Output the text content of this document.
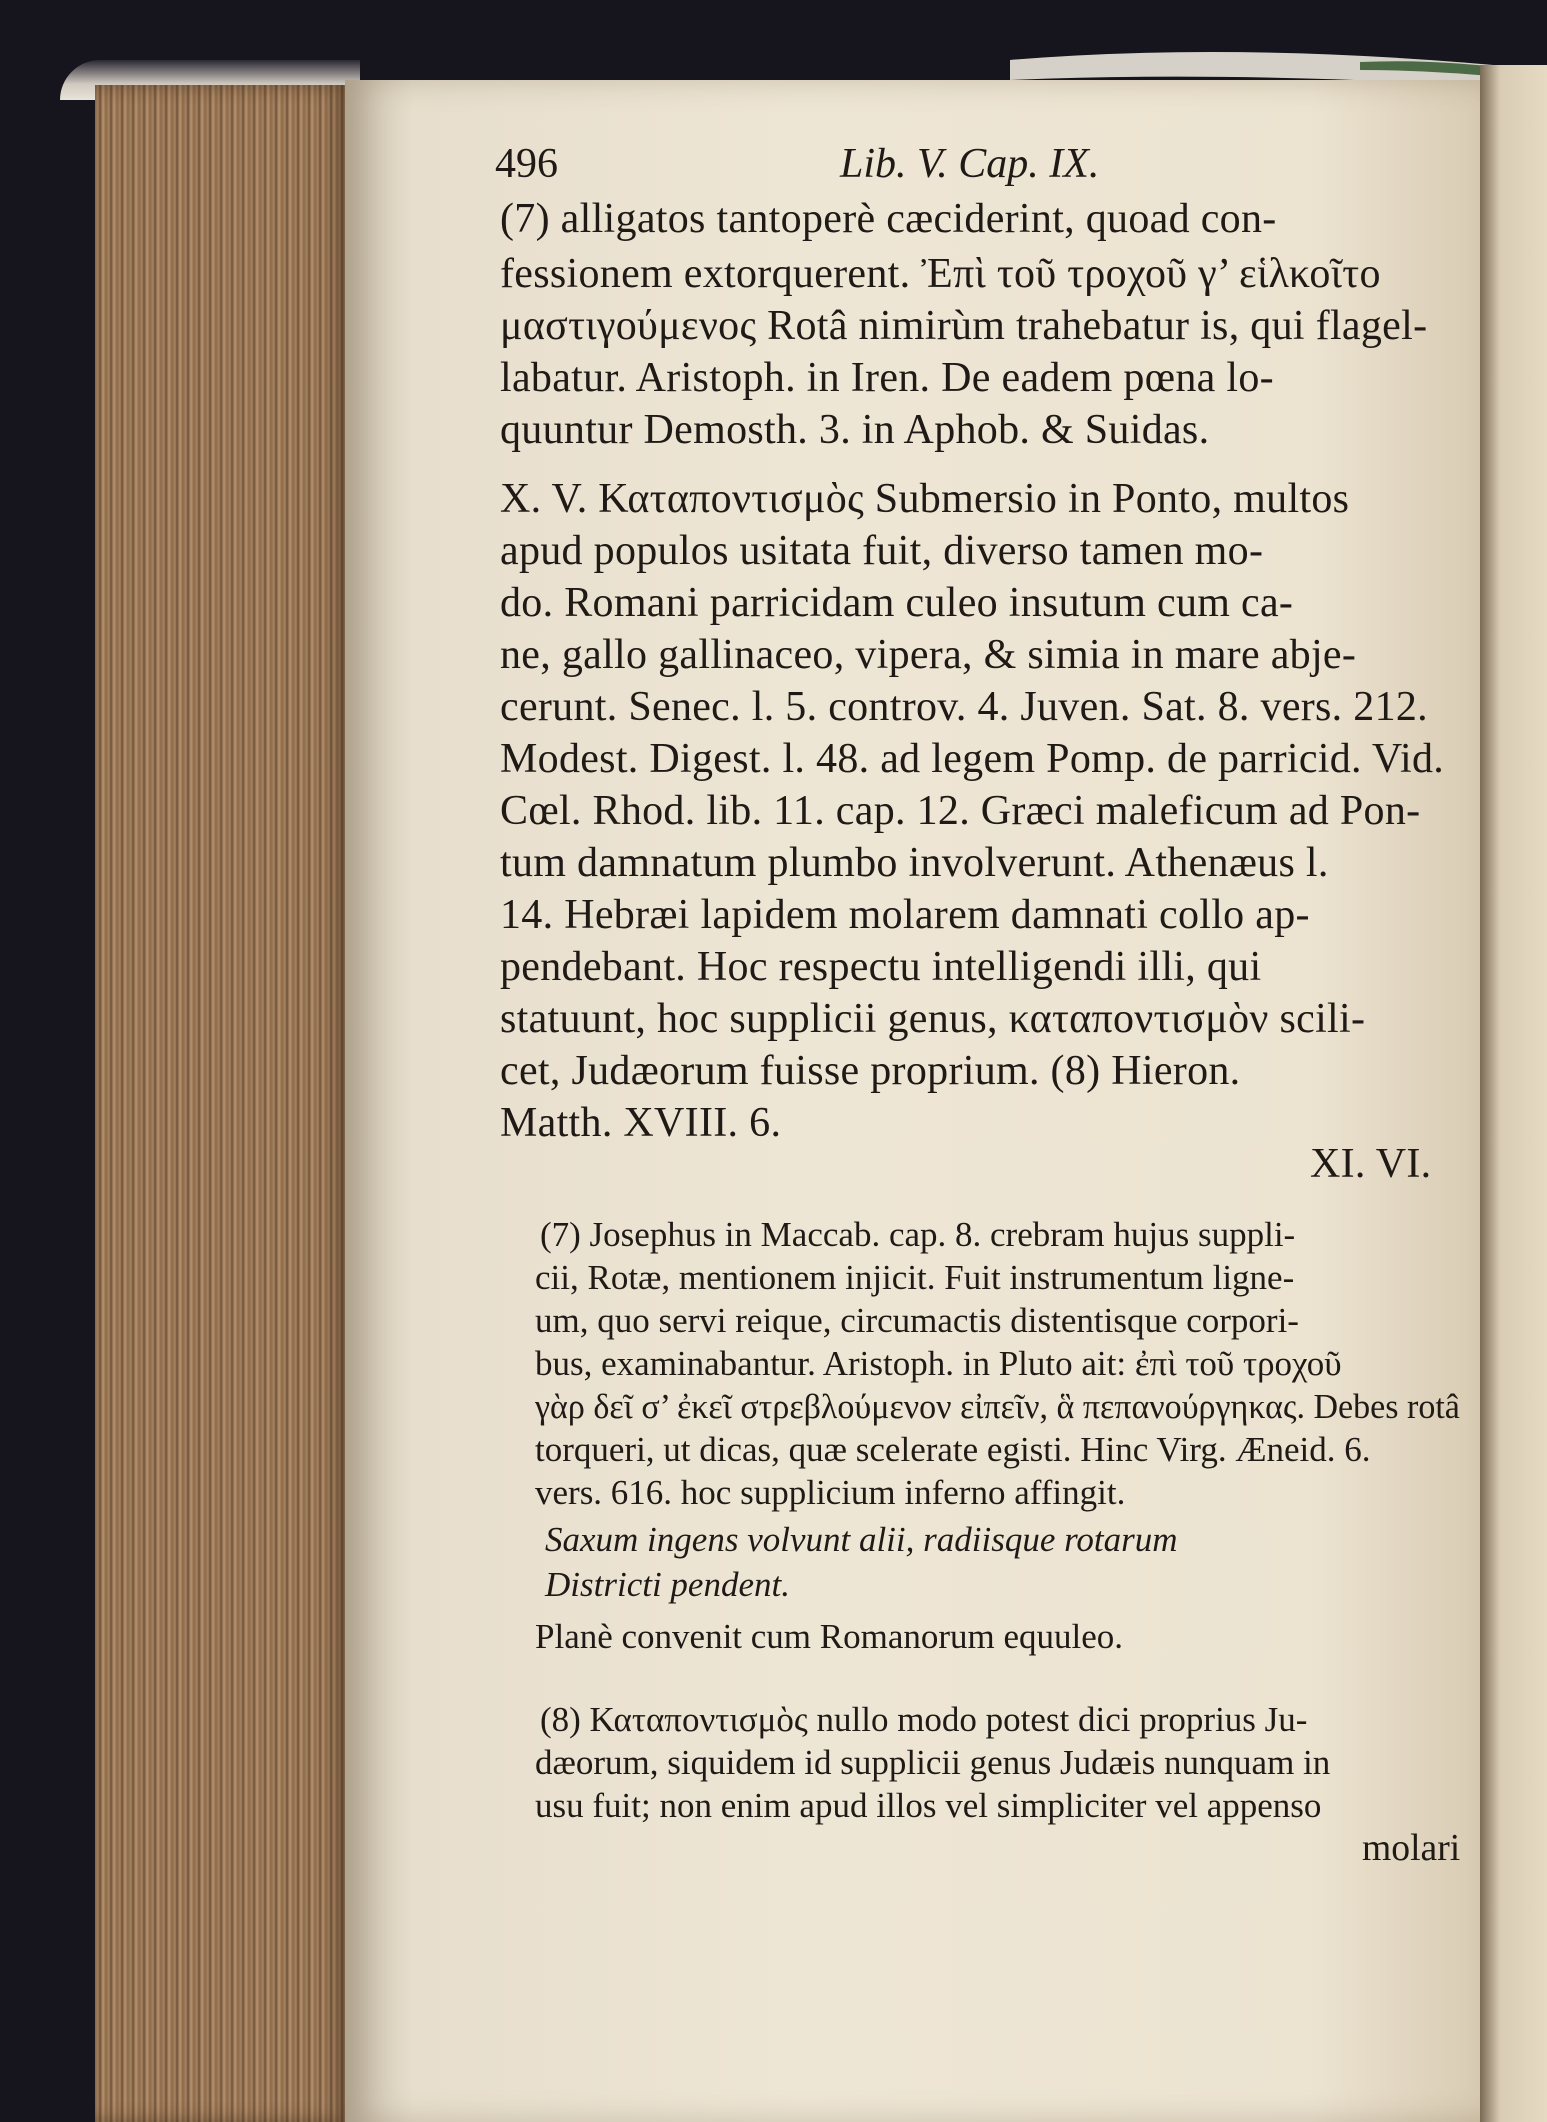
496	Lib. V. Cap. IX.
(7) alligatos tantoperè cæciderint, quoad con-
fessionem extorquerent. Ἐπὶ τοῦ τροχοῦ γ’ εἱλκοῖτο
μαστιγούμενος Rotâ nimirùm trahebatur is, qui flagel-
labatur. Aristoph. in Iren. De eadem pœna lo-
quuntur Demosth. 3. in Aphob. & Suidas.
X. V. Καταποντισμὸς Submersio in Ponto, multos
apud populos usitata fuit, diverso tamen mo-
do. Romani parricidam culeo insutum cum ca-
ne, gallo gallinaceo, vipera, & simia in mare abje-
cerunt. Senec. l. 5. controv. 4. Juven. Sat. 8. vers. 212.
Modest. Digest. l. 48. ad legem Pomp. de parricid. Vid.
Cœl. Rhod. lib. 11. cap. 12. Græci maleficum ad Pon-
tum damnatum plumbo involverunt. Athenæus l.
14. Hebræi lapidem molarem damnati collo ap-
pendebant. Hoc respectu intelligendi illi, qui
statuunt, hoc supplicii genus, καταποντισμὸν scili-
cet, Judæorum fuisse proprium. (8) Hieron.
Matth. XVIII. 6.
XI. VI.
(7) Josephus in Maccab. cap. 8. crebram hujus suppli-
cii, Rotæ, mentionem injicit. Fuit instrumentum ligne-
um, quo servi reique, circumactis distentisque corpori-
bus, examinabantur. Aristoph. in Pluto ait: ἐπὶ τοῦ τροχοῦ
γὰρ δεῖ σ’ ἐκεῖ στρεβλούμενον εἰπεῖν, ἃ πεπανούργηκας. Debes rotâ
torqueri, ut dicas, quæ scelerate egisti. Hinc Virg. Æneid. 6.
vers. 616. hoc supplicium inferno affingit.
Saxum ingens volvunt alii, radiisque rotarum
Districti pendent.
Planè convenit cum Romanorum equuleo.
(8) Καταποντισμὸς nullo modo potest dici proprius Ju-
dæorum, siquidem id supplicii genus Judæis nunquam in
usu fuit; non enim apud illos vel simpliciter vel appenso
molari
